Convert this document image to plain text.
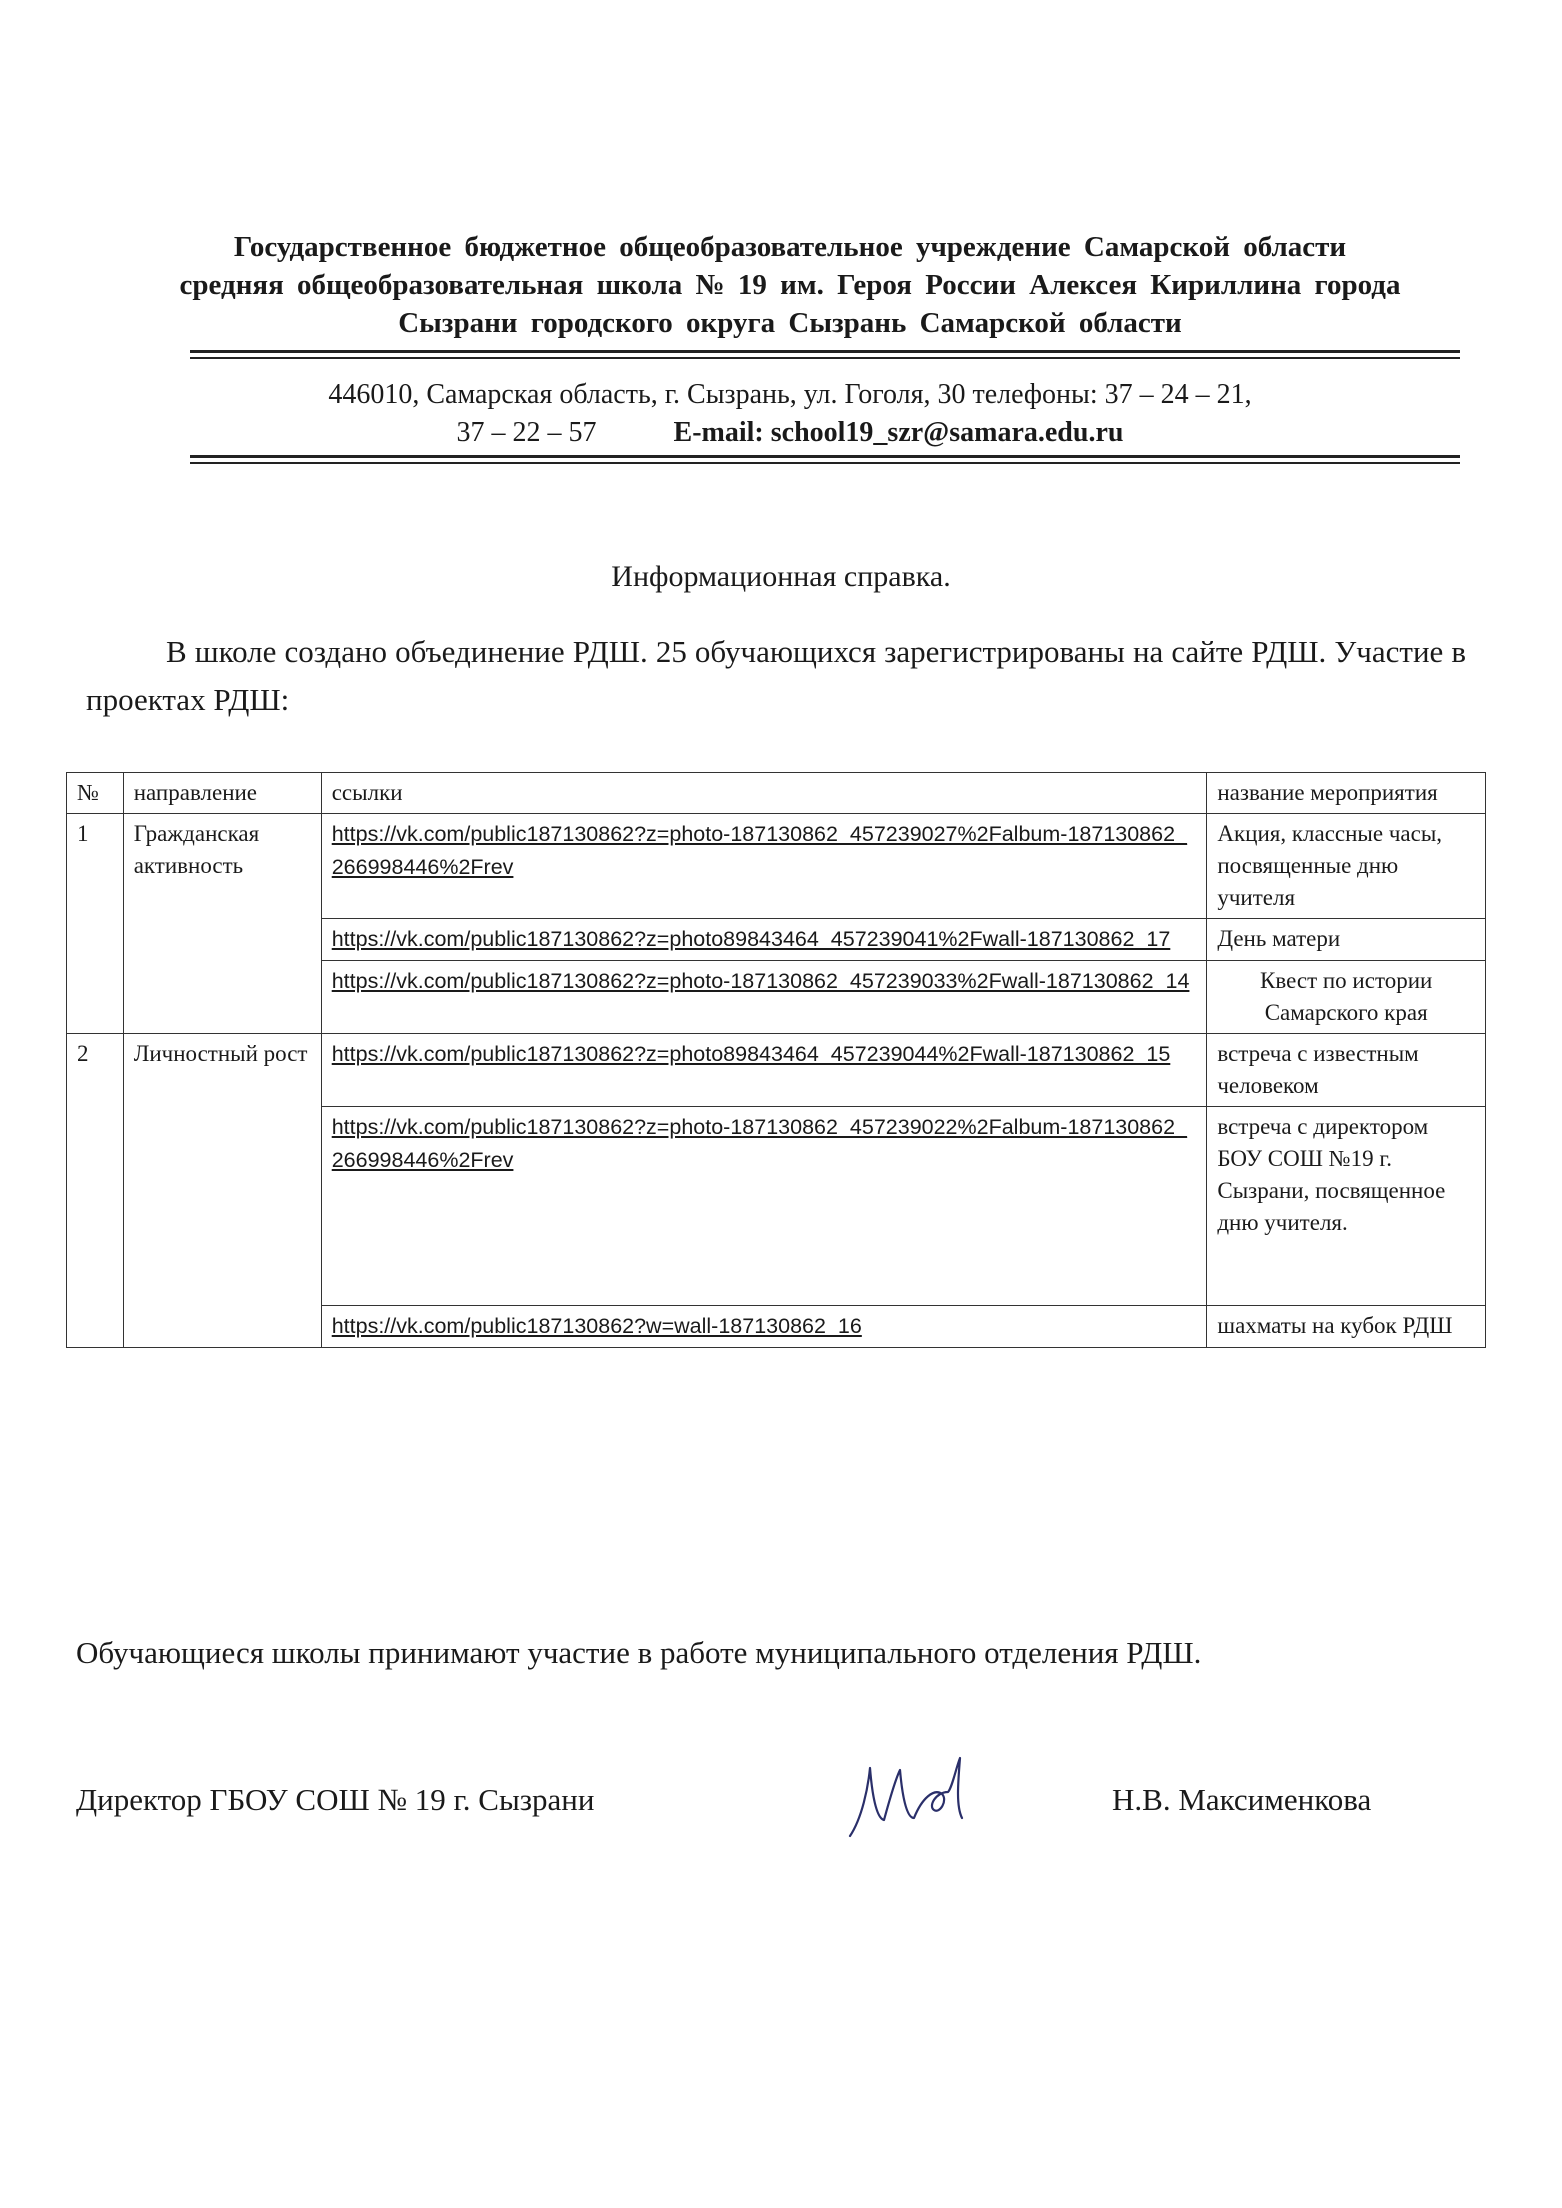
Государственное бюджетное общеобразовательное учреждение Самарской области
средняя общеобразовательная школа № 19 им. Героя России Алексея Кириллина города
Сызрани городского округа Сызрань Самарской области
446010, Самарская область, г. Сызрань, ул. Гоголя, 30 телефоны: 37 – 24 – 21,
37 – 22 – 57	E-mail: school19_szr@samara.edu.ru
Информационная справка.
В школе создано объединение РДШ. 25 обучающихся зарегистрированы на сайте РДШ. Участие в проектах РДШ:
№	направление	ссылки	название мероприятия
1	Гражданская активность	https://vk.com/public187130862?z=photo-187130862_457239027%2Falbum-187130862_266998446%2Frev	Акция, классные часы, посвященные дню учителя

		https://vk.com/public187130862?z=photo89843464_457239041%2Fwall-187130862_17	День матери

		https://vk.com/public187130862?z=photo-187130862_457239033%2Fwall-187130862_14	Квест по истории Самарского края
2	Личностный рост	https://vk.com/public187130862?z=photo89843464_457239044%2Fwall-187130862_15	встреча с известным человеком

		https://vk.com/public187130862?z=photo-187130862_457239022%2Falbum-187130862_266998446%2Frev	встреча с директором БОУ СОШ №19 г. Сызрани, посвященное дню учителя.

		https://vk.com/public187130862?w=wall-187130862_16	шахматы на кубок РДШ
Обучающиеся школы принимают участие в работе муниципального отделения РДШ.
Директор ГБОУ СОШ № 19 г. Сызрани	Н.В. Максименкова
